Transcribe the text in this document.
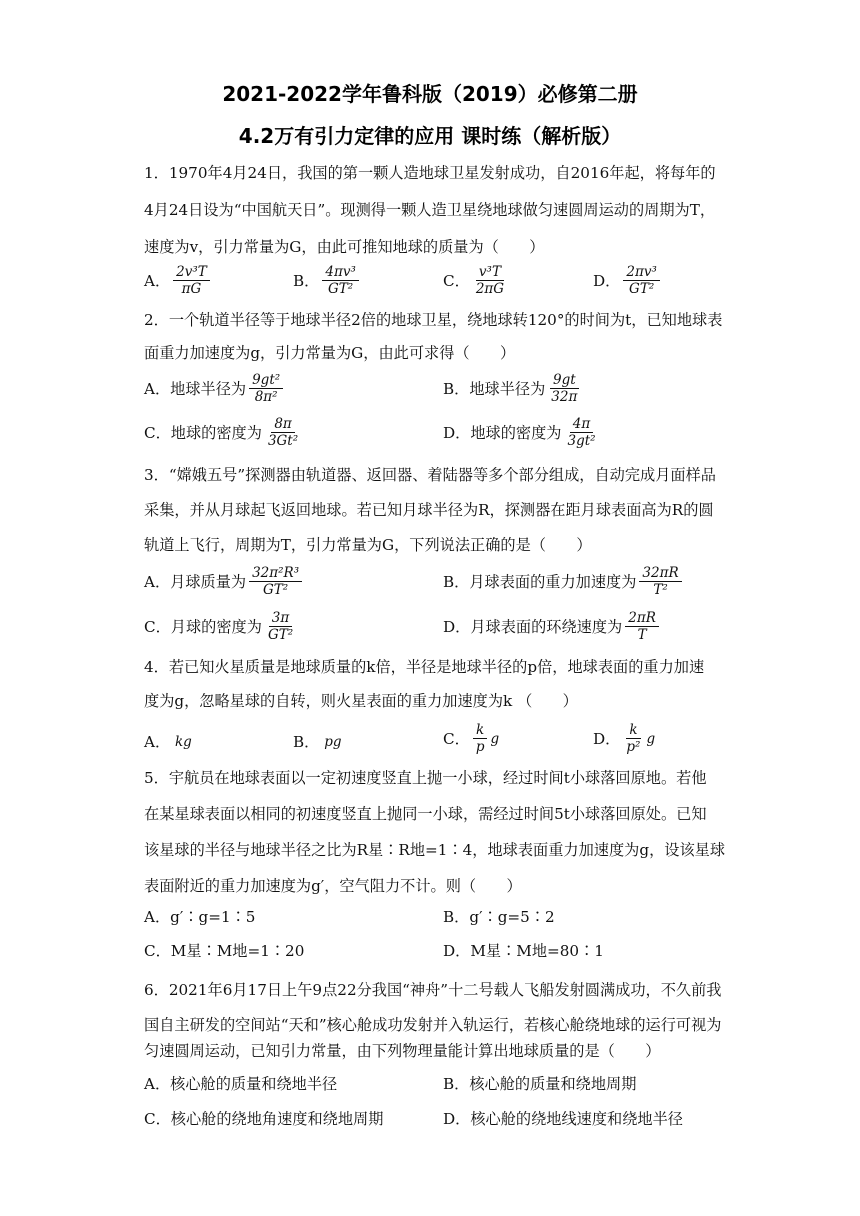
2021-2022学年鲁科版（2019）必修第二册
4.2万有引力定律的应用 课时练（解析版）
1．1970年4月24日，我国的第一颗人造地球卫星发射成功，自2016年起，将每年的
4月24日设为“中国航天日”。现测得一颗人造卫星绕地球做匀速圆周运动的周期为T，
速度为v，引力常量为G，由此可推知地球的质量为（　　）
A． $\frac{\text{2v³T}}{\pi G}$	B． $\frac{\text{4πv³}}{\text{GT²}}$	C． $\frac{\text{v³T}}{2\pi G}$	D． $\frac{\text{2πv³}}{\text{GT²}}$
2．一个轨道半径等于地球半径2倍的地球卫星，绕地球转120°的时间为t，已知地球表
面重力加速度为g，引力常量为G，由此可求得（　　）
A．地球半径为 $\frac{\text{9gt²}}{\text{8π²}}$	B．地球半径为 $\frac{9gt}{32\pi}$
C．地球的密度为 $\frac{8\pi}{\text{3Gt²}}$	D．地球的密度为 $\frac{4\pi}{\text{3gt²}}$
3．“嫦娥五号”探测器由轨道器、返回器、着陆器等多个部分组成，自动完成月面样品
采集，并从月球起飞返回地球。若已知月球半径为R，探测器在距月球表面高为R的圆
轨道上飞行，周期为T，引力常量为G，下列说法正确的是（　　）
A．月球质量为 $\frac{\text{32π²R³}}{\text{GT²}}$	B．月球表面的重力加速度为 $\frac{32\pi R}{\text{T²}}$
C．月球的密度为 $\frac{3\pi}{\text{GT²}}$	D．月球表面的环绕速度为 $\frac{2\pi R}{T}$
4．若已知火星质量是地球质量的k倍，半径是地球半径的p倍，地球表面的重力加速
度为g，忽略星球的自转，则火星表面的重力加速度为k （　　）
A．
kg	B．
pg	C． $\frac{k}{p}$ g	D． $\frac{k}{\text{p²}}$ g
5．宇航员在地球表面以一定初速度竖直上抛一小球，经过时间t小球落回原地。若他
在某星球表面以相同的初速度竖直上抛同一小球，需经过时间5t小球落回原处。已知
该星球的半径与地球半径之比为R星∶R地=1∶4，地球表面重力加速度为g，设该星球
表面附近的重力加速度为g′，空气阻力不计。则（　　）
A．g′∶g=1∶5	B．g′∶g=5∶2
C．M星∶M地=1∶20	D．M星∶M地=80∶1
6．2021年6月17日上午9点22分我国“神舟”十二号载人飞船发射圆满成功，不久前我
国自主研发的空间站“天和”核心舱成功发射并入轨运行，若核心舱绕地球的运行可视为
匀速圆周运动，已知引力常量，由下列物理量能计算出地球质量的是（　　）
A．核心舱的质量和绕地半径	B．核心舱的质量和绕地周期
C．核心舱的绕地角速度和绕地周期	D．核心舱的绕地线速度和绕地半径
